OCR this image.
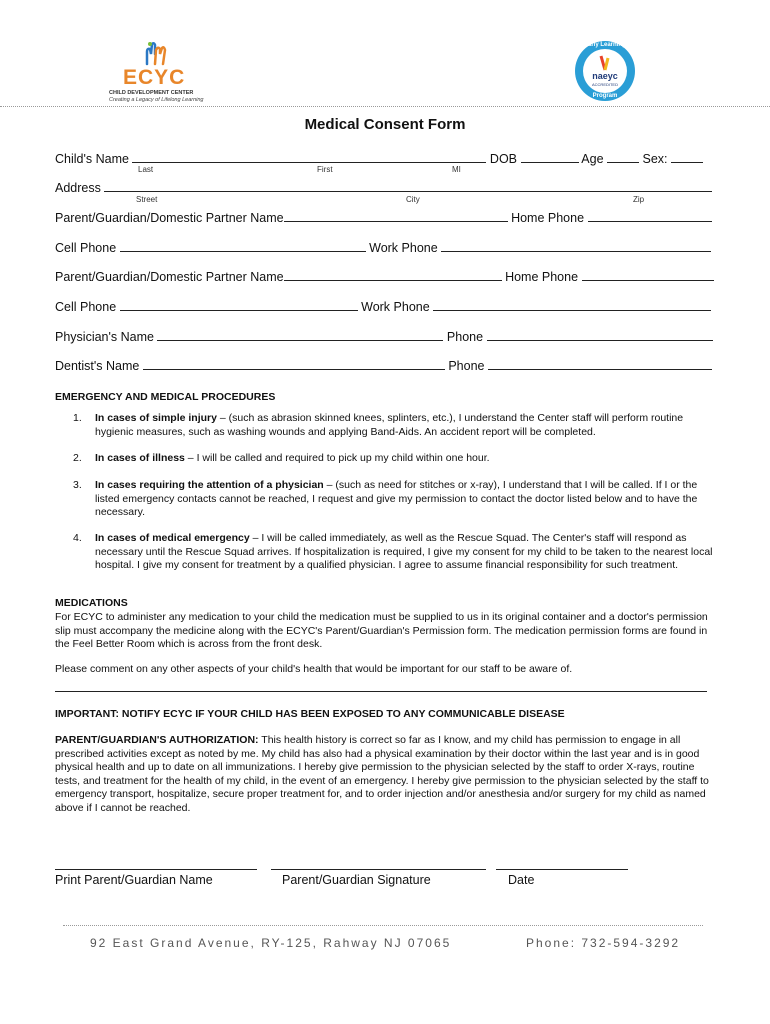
ECYC
CHILD DEVELOPMENT CENTER
Creating a Legacy of Lifelong Learning
Early Learning
naeyc
ACCREDITED
Program
Medical Consent Form
Child's Name	DOB	Age	Sex:
Last	First	MI
Address
Street	City	Zip
Parent/Guardian/Domestic Partner Name	Home Phone
Cell Phone	Work Phone
Parent/Guardian/Domestic Partner Name	Home Phone
Cell Phone	Work Phone
Physician's Name	Phone
Dentist's Name	Phone
EMERGENCY AND MEDICAL PROCEDURES
1. In cases of simple injury – (such as abrasion skinned knees, splinters, etc.), I understand the Center staff will perform routine hygienic measures, such as washing wounds and applying Band-Aids. An accident report will be completed.
2. In cases of illness – I will be called and required to pick up my child within one hour.
3. In cases requiring the attention of a physician – (such as need for stitches or x-ray), I understand that I will be called. If I or the listed emergency contacts cannot be reached, I request and give my permission to contact the doctor listed below and to have the necessary.
4. In cases of medical emergency – I will be called immediately, as well as the Rescue Squad. The Center's staff will respond as necessary until the Rescue Squad arrives. If hospitalization is required, I give my consent for my child to be taken to the nearest local hospital. I give my consent for treatment by a qualified physician. I agree to assume financial responsibility for such treatment.
MEDICATIONS
For ECYC to administer any medication to your child the medication must be supplied to us in its original container and a doctor's permission slip must accompany the medicine along with the ECYC's Parent/Guardian's Permission form. The medication permission forms are found in the Feel Better Room which is across from the front desk.
Please comment on any other aspects of your child's health that would be important for our staff to be aware of.
IMPORTANT: NOTIFY ECYC IF YOUR CHILD HAS BEEN EXPOSED TO ANY COMMUNICABLE DISEASE
PARENT/GUARDIAN'S AUTHORIZATION: This health history is correct so far as I know, and my child has permission to engage in all prescribed activities except as noted by me. My child has also had a physical examination by their doctor within the last year and is in good physical health and up to date on all immunizations. I hereby give permission to the physician selected by the staff to order X-rays, routine tests, and treatment for the health of my child, in the event of an emergency. I hereby give permission to the physician selected by the staff to emergency transport, hospitalize, secure proper treatment for, and to order injection and/or anesthesia and/or surgery for my child as named above if I cannot be reached.
Print Parent/Guardian Name	Parent/Guardian Signature	Date
92 East Grand Avenue, RY-125, Rahway NJ 07065	Phone: 732-594-3292
